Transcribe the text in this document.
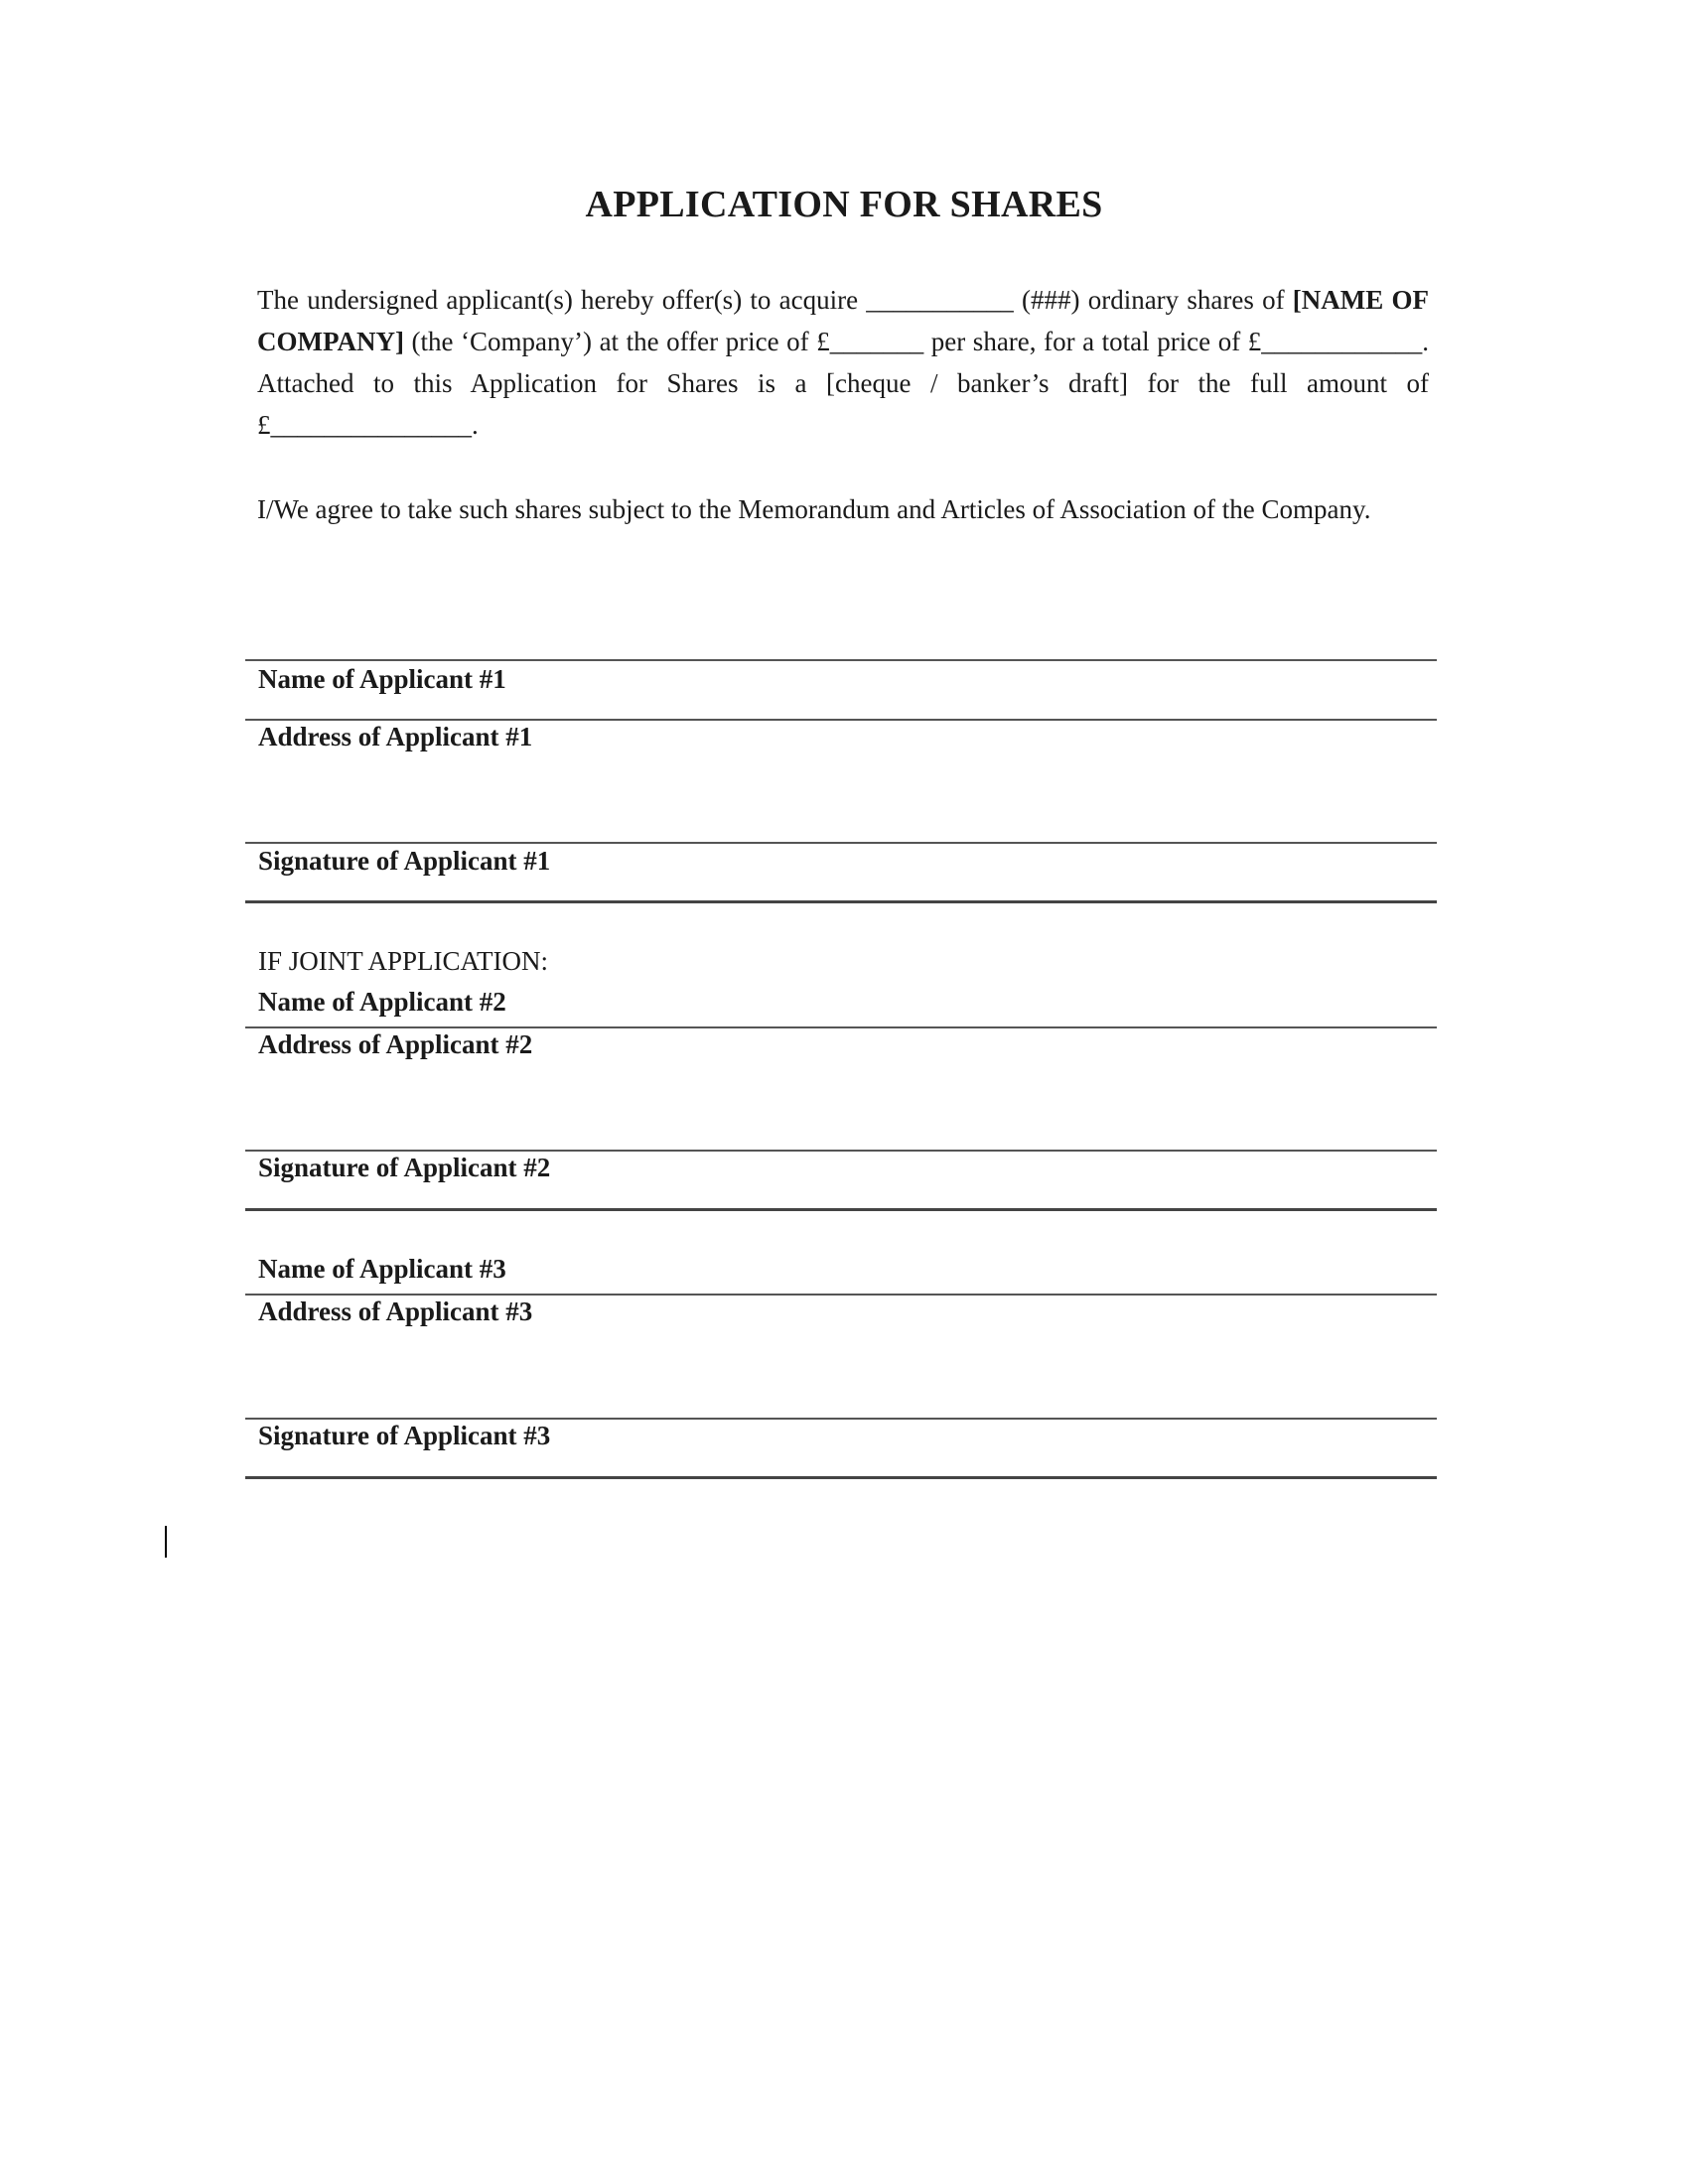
APPLICATION FOR SHARES

The undersigned applicant(s) hereby offer(s) to acquire ___________ (###) ordinary shares of [NAME OF COMPANY] (the ‘Company’) at the offer price of £_______ per share, for a total price of £____________. Attached to this Application for Shares is a [cheque / banker’s draft] for the full amount of £_______________.

I/We agree to take such shares subject to the Memorandum and Articles of Association of the Company.

Name of Applicant #1
Address of Applicant #1
Signature of Applicant #1
IF JOINT APPLICATION:
Name of Applicant #2
Address of Applicant #2
Signature of Applicant #2
Name of Applicant #3
Address of Applicant #3
Signature of Applicant #3
